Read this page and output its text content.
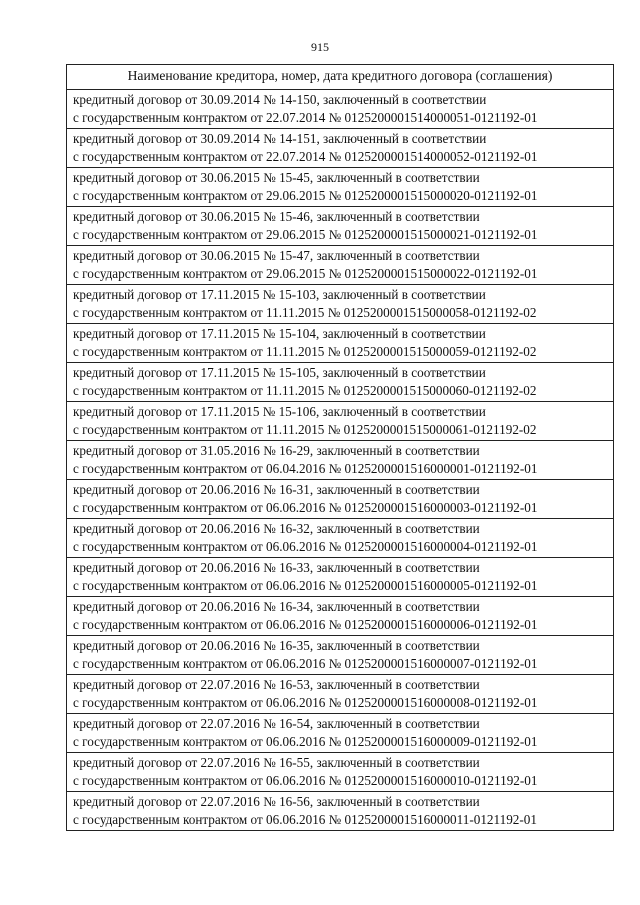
915
Наименование кредитора, номер, дата кредитного договора (соглашения)

кредитный договор от 30.09.2014 № 14-150, заключенный в соответствии
с государственным контрактом от 22.07.2014 № 0125200001514000051-0121192-01

кредитный договор от 30.09.2014 № 14-151, заключенный в соответствии
с государственным контрактом от 22.07.2014 № 0125200001514000052-0121192-01

кредитный договор от 30.06.2015 № 15-45, заключенный в соответствии
с государственным контрактом от 29.06.2015 № 0125200001515000020-0121192-01

кредитный договор от 30.06.2015 № 15-46, заключенный в соответствии
с государственным контрактом от 29.06.2015 № 0125200001515000021-0121192-01

кредитный договор от 30.06.2015 № 15-47, заключенный в соответствии
с государственным контрактом от 29.06.2015 № 0125200001515000022-0121192-01

кредитный договор от 17.11.2015 № 15-103, заключенный в соответствии
с государственным контрактом от 11.11.2015 № 0125200001515000058-0121192-02

кредитный договор от 17.11.2015 № 15-104, заключенный в соответствии
с государственным контрактом от 11.11.2015 № 0125200001515000059-0121192-02

кредитный договор от 17.11.2015 № 15-105, заключенный в соответствии
с государственным контрактом от 11.11.2015 № 0125200001515000060-0121192-02

кредитный договор от 17.11.2015 № 15-106, заключенный в соответствии
с государственным контрактом от 11.11.2015 № 0125200001515000061-0121192-02

кредитный договор от 31.05.2016 № 16-29, заключенный в соответствии
с государственным контрактом от 06.04.2016 № 0125200001516000001-0121192-01

кредитный договор от 20.06.2016 № 16-31, заключенный в соответствии
с государственным контрактом от 06.06.2016 № 0125200001516000003-0121192-01

кредитный договор от 20.06.2016 № 16-32, заключенный в соответствии
с государственным контрактом от 06.06.2016 № 0125200001516000004-0121192-01

кредитный договор от 20.06.2016 № 16-33, заключенный в соответствии
с государственным контрактом от 06.06.2016 № 0125200001516000005-0121192-01

кредитный договор от 20.06.2016 № 16-34, заключенный в соответствии
с государственным контрактом от 06.06.2016 № 0125200001516000006-0121192-01

кредитный договор от 20.06.2016 № 16-35, заключенный в соответствии
с государственным контрактом от 06.06.2016 № 0125200001516000007-0121192-01

кредитный договор от 22.07.2016 № 16-53, заключенный в соответствии
с государственным контрактом от 06.06.2016 № 0125200001516000008-0121192-01

кредитный договор от 22.07.2016 № 16-54, заключенный в соответствии
с государственным контрактом от 06.06.2016 № 0125200001516000009-0121192-01

кредитный договор от 22.07.2016 № 16-55, заключенный в соответствии
с государственным контрактом от 06.06.2016 № 0125200001516000010-0121192-01

кредитный договор от 22.07.2016 № 16-56, заключенный в соответствии
с государственным контрактом от 06.06.2016 № 0125200001516000011-0121192-01
